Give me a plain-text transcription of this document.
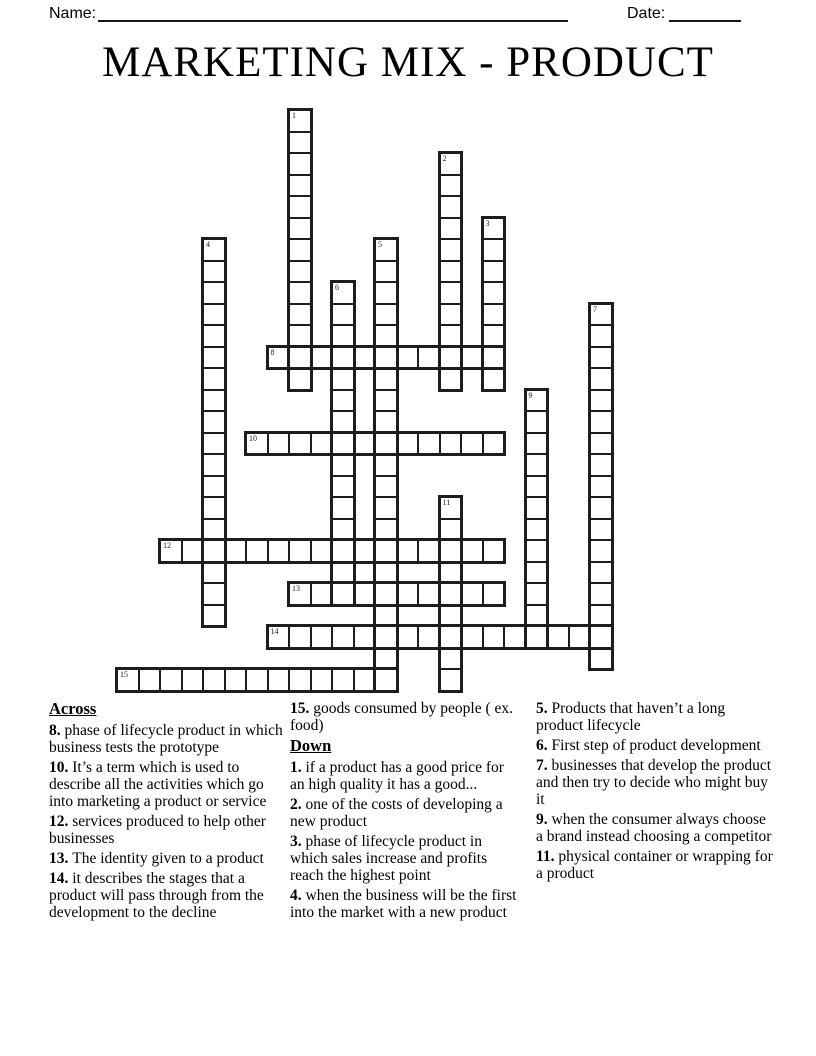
Name:	Date:
MARKETING MIX - PRODUCT
1
2
3
4	5
6
7
8
9
10
11
12
13
14
15
Across

8. phase of lifecycle product in which business tests the prototype

10. It’s a term which is used to describe all the activities which go into marketing a product or service

12. services produced to help other businesses

13. The identity given to a product

14. it describes the stages that a product will pass through from the development to the decline

15. goods consumed by people ( ex. food)

Down

1. if a product has a good price for an high quality it has a good...

2. one of the costs of developing a new product

3. phase of lifecycle product in which sales increase and profits reach the highest point

4. when the business will be the first into the market with a new product

5. Products that haven’t a long product lifecycle

6. First step of product development

7. businesses that develop the product and then try to decide who might buy it

9. when the consumer always choose a brand instead choosing a competitor

11. physical container or wrapping for a product
